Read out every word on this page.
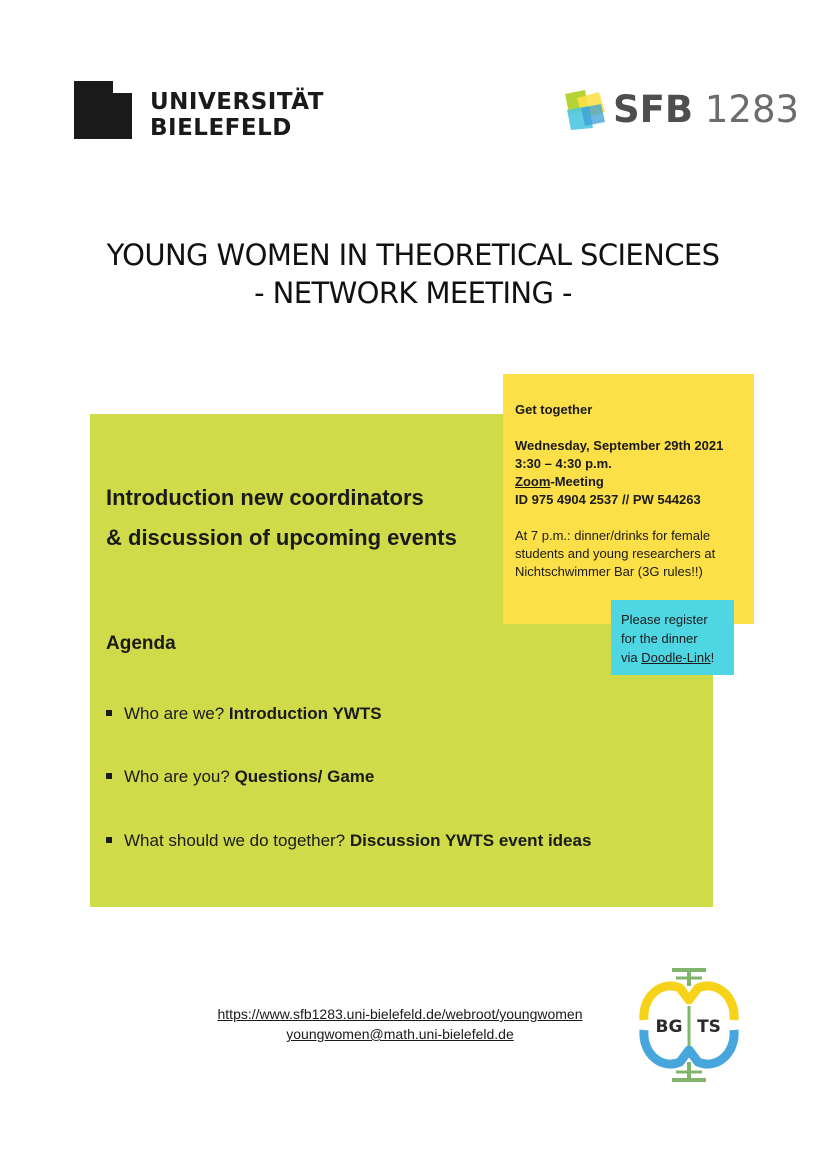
UNIVERSITÄT
BIELEFELD	SFB 1283
YOUNG WOMEN IN THEORETICAL SCIENCES
- NETWORK MEETING -
Introduction new coordinators
& discussion of upcoming events
Agenda
Who are we? Introduction YWTS
Who are you? Questions/ Game
What should we do together? Discussion YWTS event ideas
Get together
Wednesday, September 29th 2021
3:30 – 4:30 p.m.
Zoom-Meeting
ID 975 4904 2537 // PW 544263
At 7 p.m.: dinner/drinks for female
students and young researchers at
Nichtschwimmer Bar (3G rules!!)
Please register
for the dinner
via Doodle-Link!
https://www.sfb1283.uni-bielefeld.de/webroot/youngwomen
youngwomen@math.uni-bielefeld.de	BG TS
